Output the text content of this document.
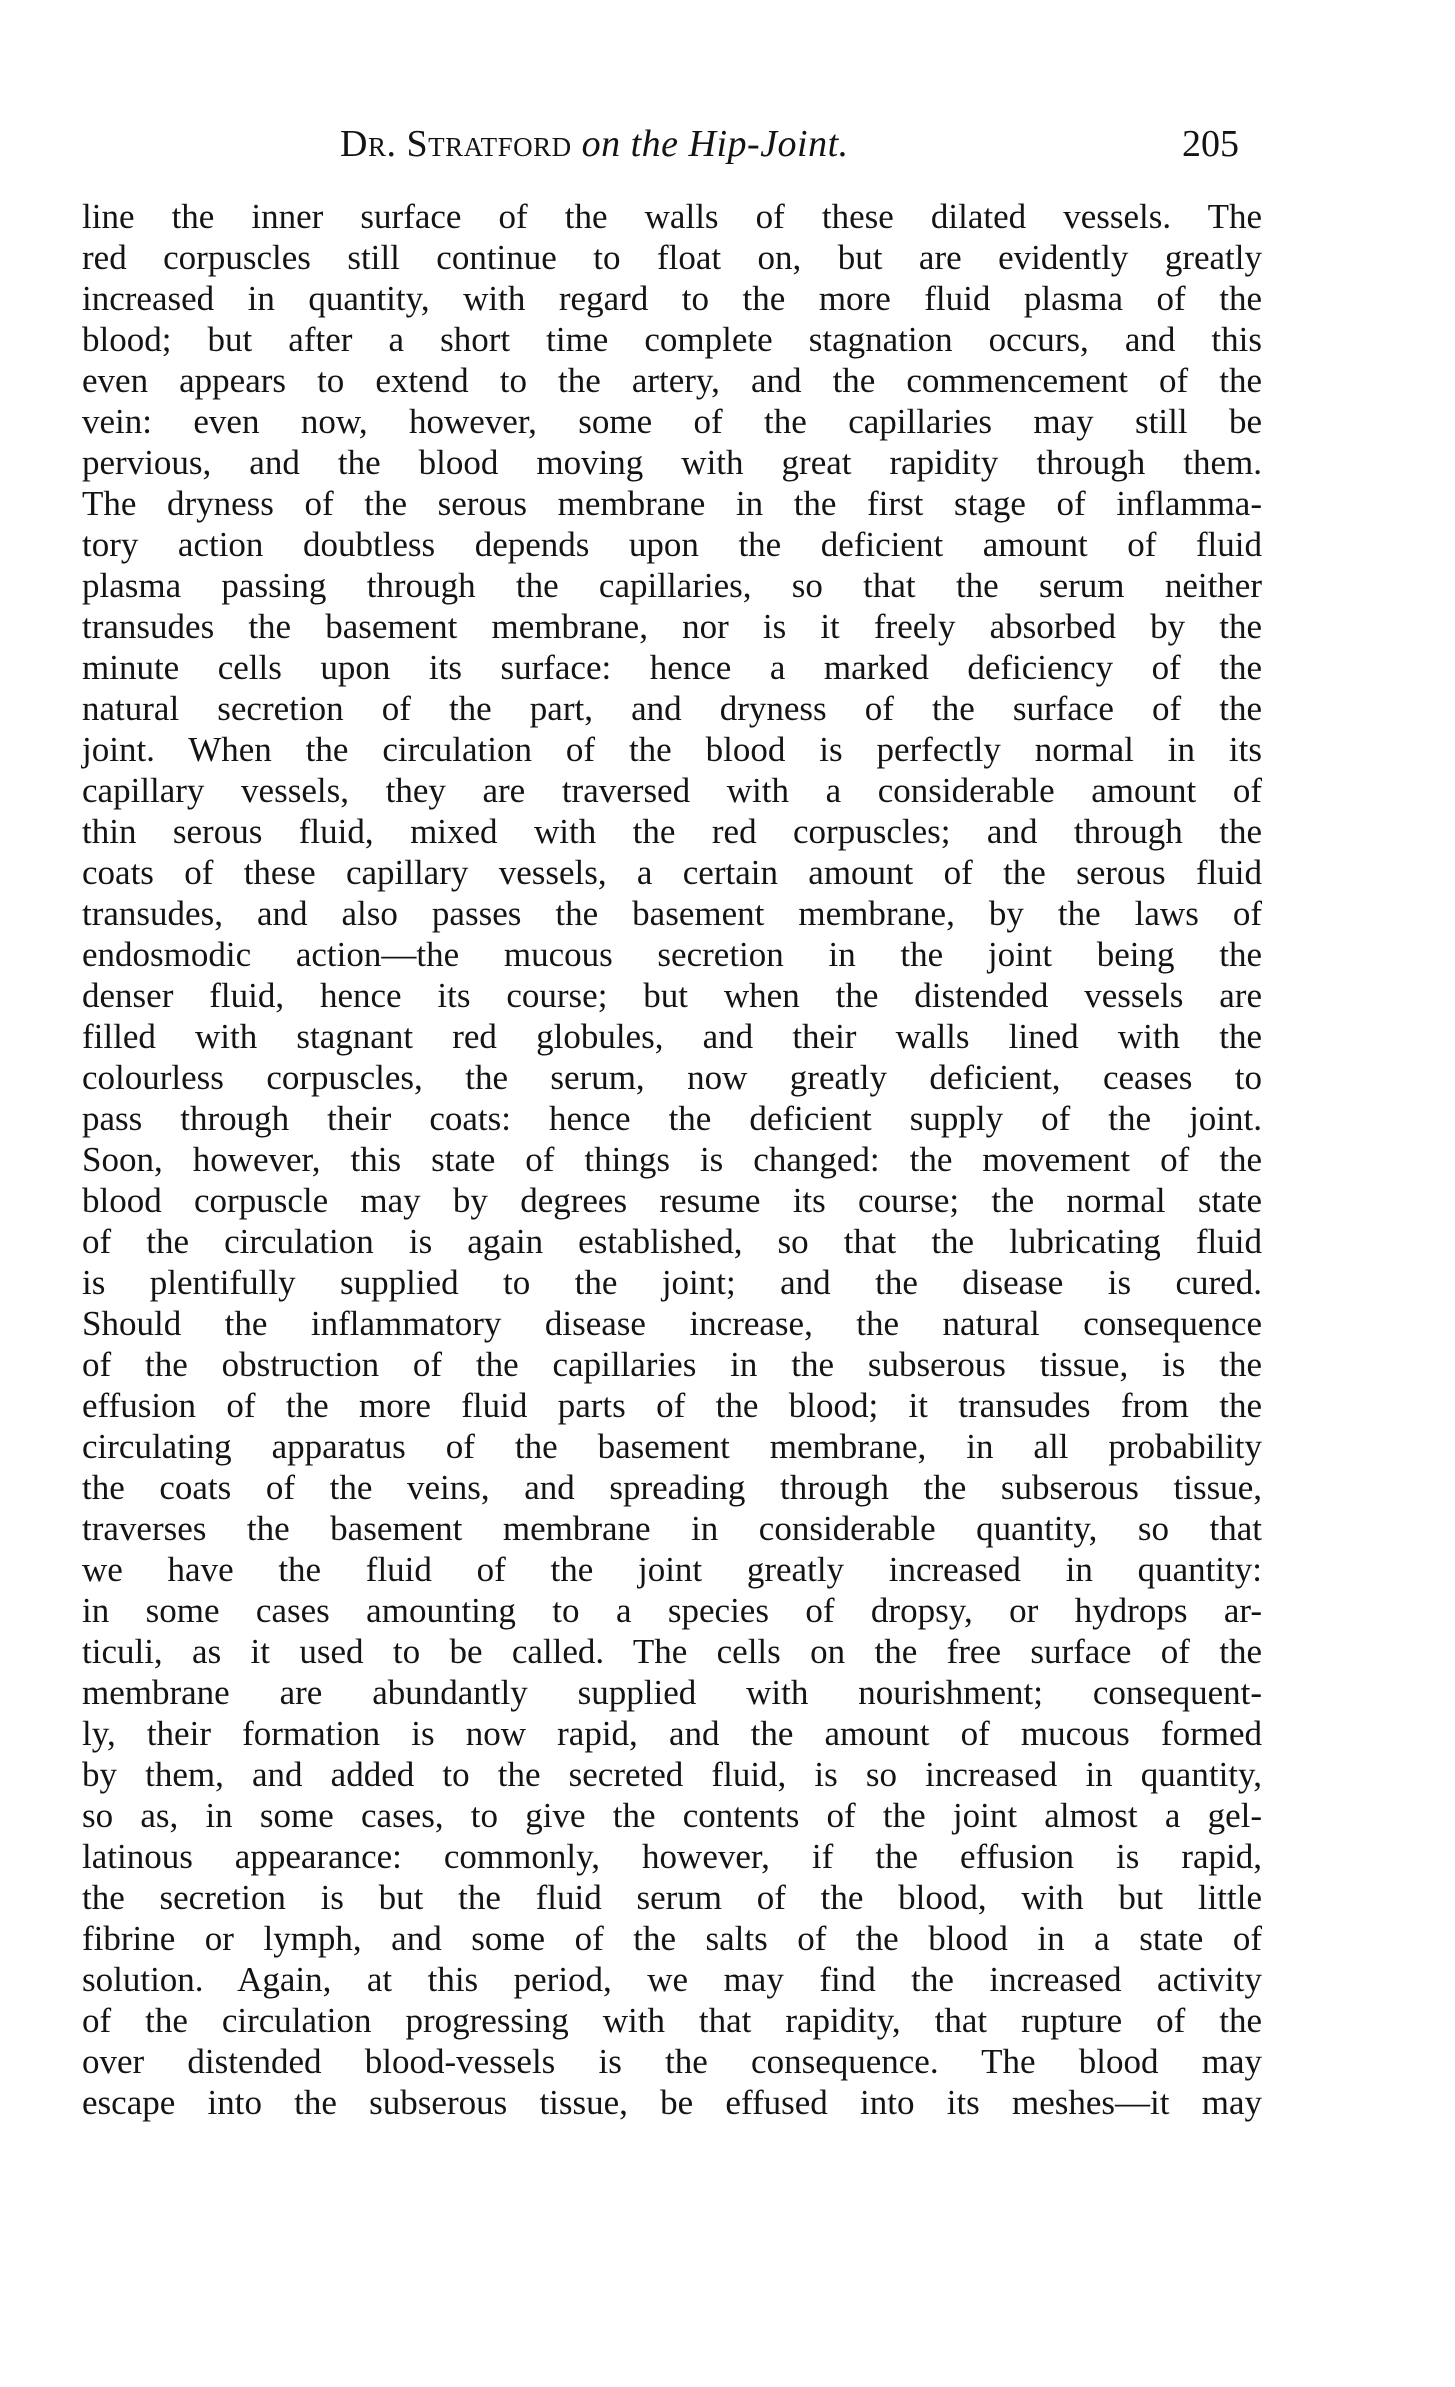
Dr. Stratford on the Hip-Joint.	205
line the inner surface of the walls of these dilated vessels. The
red corpuscles still continue to float on, but are evidently greatly
increased in quantity, with regard to the more fluid plasma of the
blood; but after a short time complete stagnation occurs, and this
even appears to extend to the artery, and the commencement of the
vein: even now, however, some of the capillaries may still be
pervious, and the blood moving with great rapidity through them.
The dryness of the serous membrane in the first stage of inflamma-
tory action doubtless depends upon the deficient amount of fluid
plasma passing through the capillaries, so that the serum neither
transudes the basement membrane, nor is it freely absorbed by the
minute cells upon its surface: hence a marked deficiency of the
natural secretion of the part, and dryness of the surface of the
joint. When the circulation of the blood is perfectly normal in its
capillary vessels, they are traversed with a considerable amount of
thin serous fluid, mixed with the red corpuscles; and through the
coats of these capillary vessels, a certain amount of the serous fluid
transudes, and also passes the basement membrane, by the laws of
endosmodic action—the mucous secretion in the joint being the
denser fluid, hence its course; but when the distended vessels are
filled with stagnant red globules, and their walls lined with the
colourless corpuscles, the serum, now greatly deficient, ceases to
pass through their coats: hence the deficient supply of the joint.
Soon, however, this state of things is changed: the movement of the
blood corpuscle may by degrees resume its course; the normal state
of the circulation is again established, so that the lubricating fluid
is plentifully supplied to the joint; and the disease is cured.
Should the inflammatory disease increase, the natural consequence
of the obstruction of the capillaries in the subserous tissue, is the
effusion of the more fluid parts of the blood; it transudes from the
circulating apparatus of the basement membrane, in all probability
the coats of the veins, and spreading through the subserous tissue,
traverses the basement membrane in considerable quantity, so that
we have the fluid of the joint greatly increased in quantity:
in some cases amounting to a species of dropsy, or hydrops ar-
ticuli, as it used to be called. The cells on the free surface of the
membrane are abundantly supplied with nourishment; consequent-
ly, their formation is now rapid, and the amount of mucous formed
by them, and added to the secreted fluid, is so increased in quantity,
so as, in some cases, to give the contents of the joint almost a gel-
latinous appearance: commonly, however, if the effusion is rapid,
the secretion is but the fluid serum of the blood, with but little
fibrine or lymph, and some of the salts of the blood in a state of
solution. Again, at this period, we may find the increased activity
of the circulation progressing with that rapidity, that rupture of the
over distended blood-vessels is the consequence. The blood may
escape into the subserous tissue, be effused into its meshes—it may
